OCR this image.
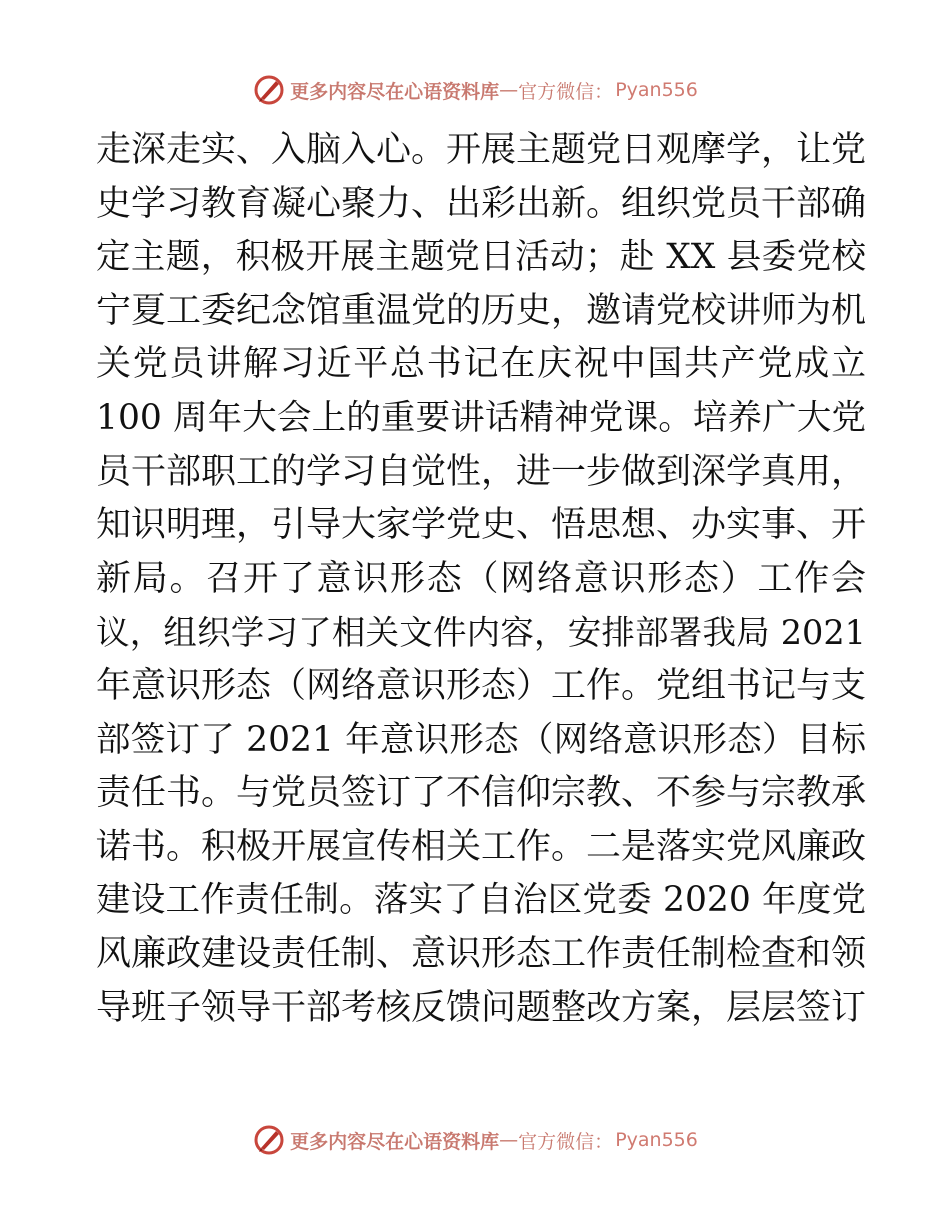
更多内容尽在心语资料库 — 官方微信： Pyan556
走深走实、入脑入心。开展主题党日观摩学，让党
史学习教育凝心聚力、出彩出新。组织党员干部确
定主题，积极开展主题党日活动；赴 XX 县委党校
宁夏工委纪念馆重温党的历史，邀请党校讲师为机
关党员讲解习近平总书记在庆祝中国共产党成立
100 周年大会上的重要讲话精神党课。培养广大党
员干部职工的学习自觉性，进一步做到深学真用，
知识明理，引导大家学党史、悟思想、办实事、开
新局。召开了意识形态（网络意识形态）工作会
议，组织学习了相关文件内容，安排部署我局 2021
年意识形态（网络意识形态）工作。党组书记与支
部签订了 2021 年意识形态（网络意识形态）目标
责任书。与党员签订了不信仰宗教、不参与宗教承
诺书。积极开展宣传相关工作。二是落实党风廉政
建设工作责任制。落实了自治区党委 2020 年度党
风廉政建设责任制、意识形态工作责任制检查和领
导班子领导干部考核反馈问题整改方案，层层签订
更多内容尽在心语资料库 — 官方微信： Pyan556
